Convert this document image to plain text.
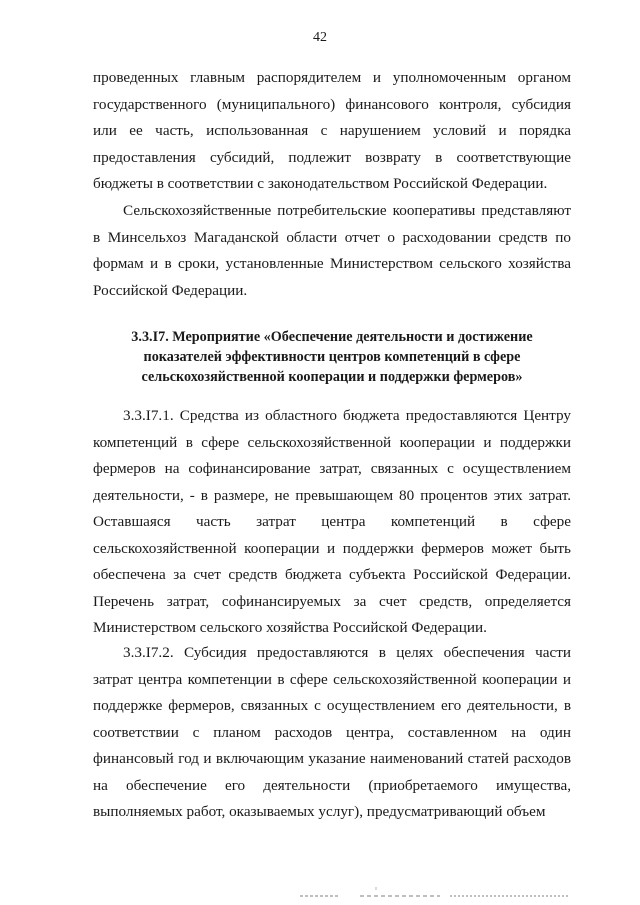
42

проведенных главным распорядителем и уполномоченным органом государственного (муниципального) финансового контроля, субсидия или ее часть, использованная с нарушением условий и порядка предоставления субсидий, подлежит возврату в соответствующие бюджеты в соответствии с законодательством Российской Федерации.

Сельскохозяйственные потребительские кооперативы представляют в Минсельхоз Магаданской области отчет о расходовании средств по формам и в сроки, установленные Министерством сельского хозяйства Российской Федерации.

3.3.I7. Мероприятие «Обеспечение деятельности и достижение показателей эффективности центров компетенций в сфере сельскохозяйственной кооперации и поддержки фермеров»

3.3.I7.1. Средства из областного бюджета предоставляются Центру компетенций в сфере сельскохозяйственной кооперации и поддержки фермеров на софинансирование затрат, связанных с осуществлением деятельности, - в размере, не превышающем 80 процентов этих затрат. Оставшаяся часть затрат центра компетенций в сфере сельскохозяйственной кооперации и поддержки фермеров может быть обеспечена за счет средств бюджета субъекта Российской Федерации. Перечень затрат, софинансируемых за счет средств, определяется Министерством сельского хозяйства Российской Федерации.

3.3.I7.2. Субсидия предоставляются в целях обеспечения части затрат центра компетенции в сфере сельскохозяйственной кооперации и поддержке фермеров, связанных с осуществлением его деятельности, в соответствии с планом расходов центра, составленном на один финансовый год и включающим указание наименований статей расходов на обеспечение его деятельности (приобретаемого имущества, выполняемых работ, оказываемых услуг), предусматривающий объем
